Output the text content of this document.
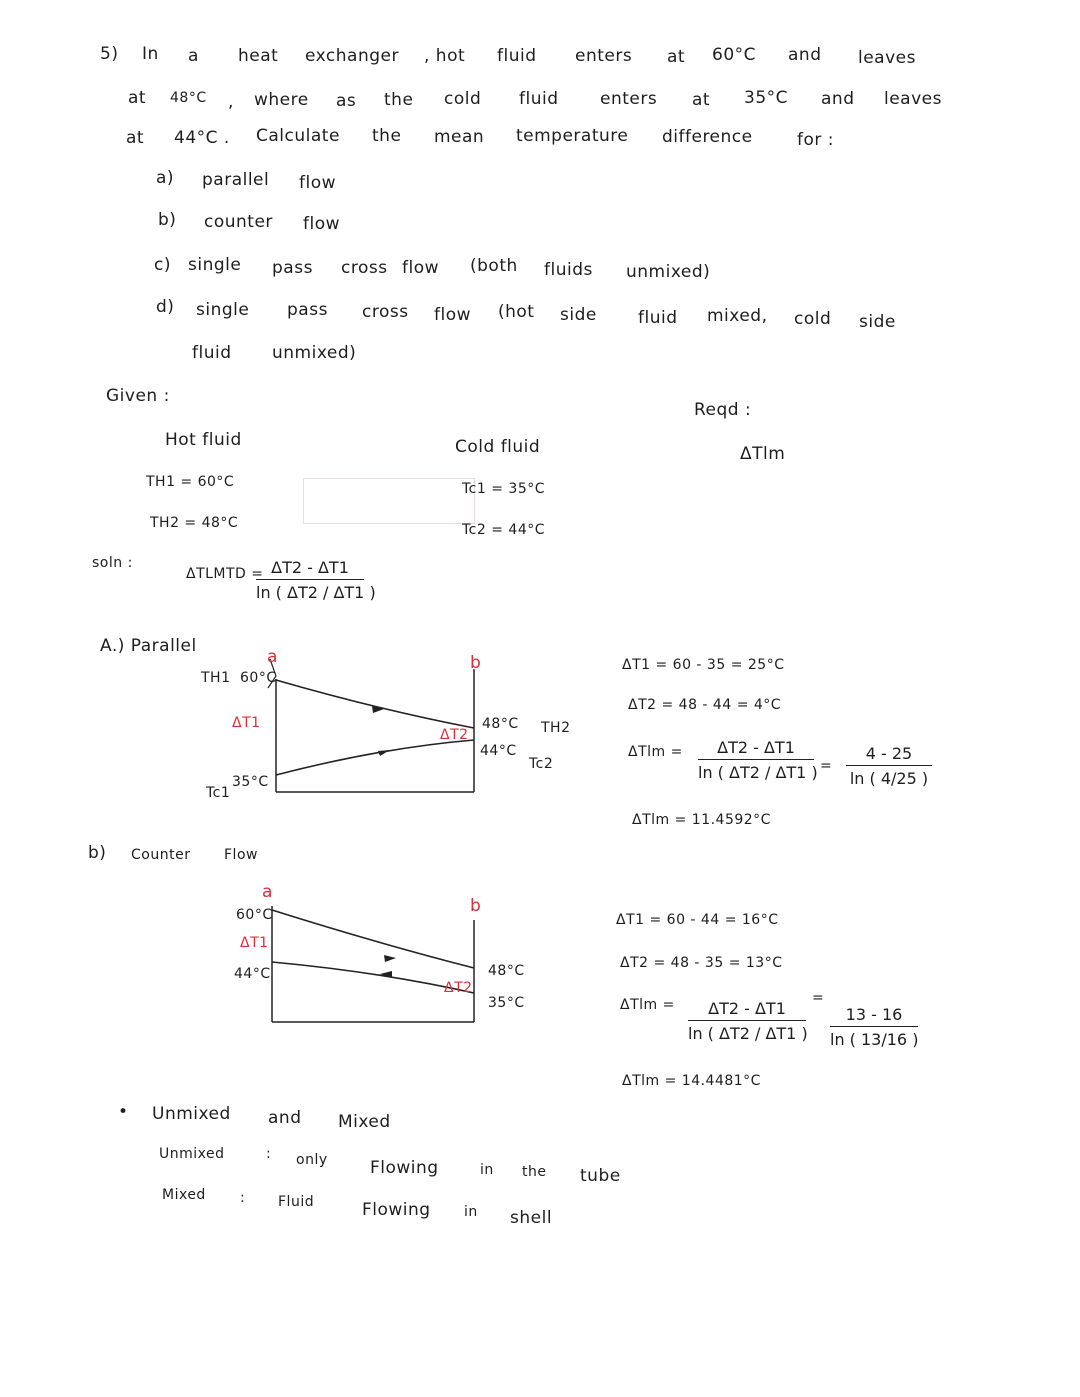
5) In a heat exchanger , hot fluid enters at 60°C and leaves
at 48°C , where as the cold fluid enters at 35°C and leaves
at 44°C . Calculate the mean temperature difference	for :
a) parallel flow
b) counter flow
c) single pass cross flow (both fluids unmixed)
d) single pass cross flow (hot side fluid mixed, cold side
fluid unmixed)
Given :
Reqd :
ΔTlm
Hot fluid
TH1 = 60°C
TH2 = 48°C
Cold fluid
Tc1 = 35°C
Tc2 = 44°C
soln :
ΔTLMTD =
$\frac{\Delta T2 - \Delta T1}{\ln ( \Delta T2 / \Delta T1 )}$
A.) Parallel
a	b
TH1 60°C
ΔT1
Tc1
35°C
ΔT2
48°C
44°C
TH2
Tc2
ΔT1 = 60 - 35 = 25°C
ΔT2 = 48 - 44 = 4°C
$\Delta Tlm = \frac{\Delta T2 - \Delta T1}{\ln ( \Delta T2 / \Delta T1 )} = \frac{4 - 25}{\ln ( 4/25 )}$
ΔTlm = 11.4592°C
b) Counter Flow
a
b
60°C
ΔT1
44°C	48°C
ΔT2
35°C
ΔT1 = 60 - 44 = 16°C
ΔT2 = 48 - 35 = 13°C
$\Delta Tlm = \frac{\Delta T2 - \Delta T1}{\ln ( \Delta T2 / \Delta T1 )}$
=
$\frac{13 - 16}{\ln ( 13/16 )}$
ΔTlm = 14.4481°C
• Unmixed and Mixed
Unmixed	: only Flowing	in the tube
Mixed : Fluid	Flowing in shell
